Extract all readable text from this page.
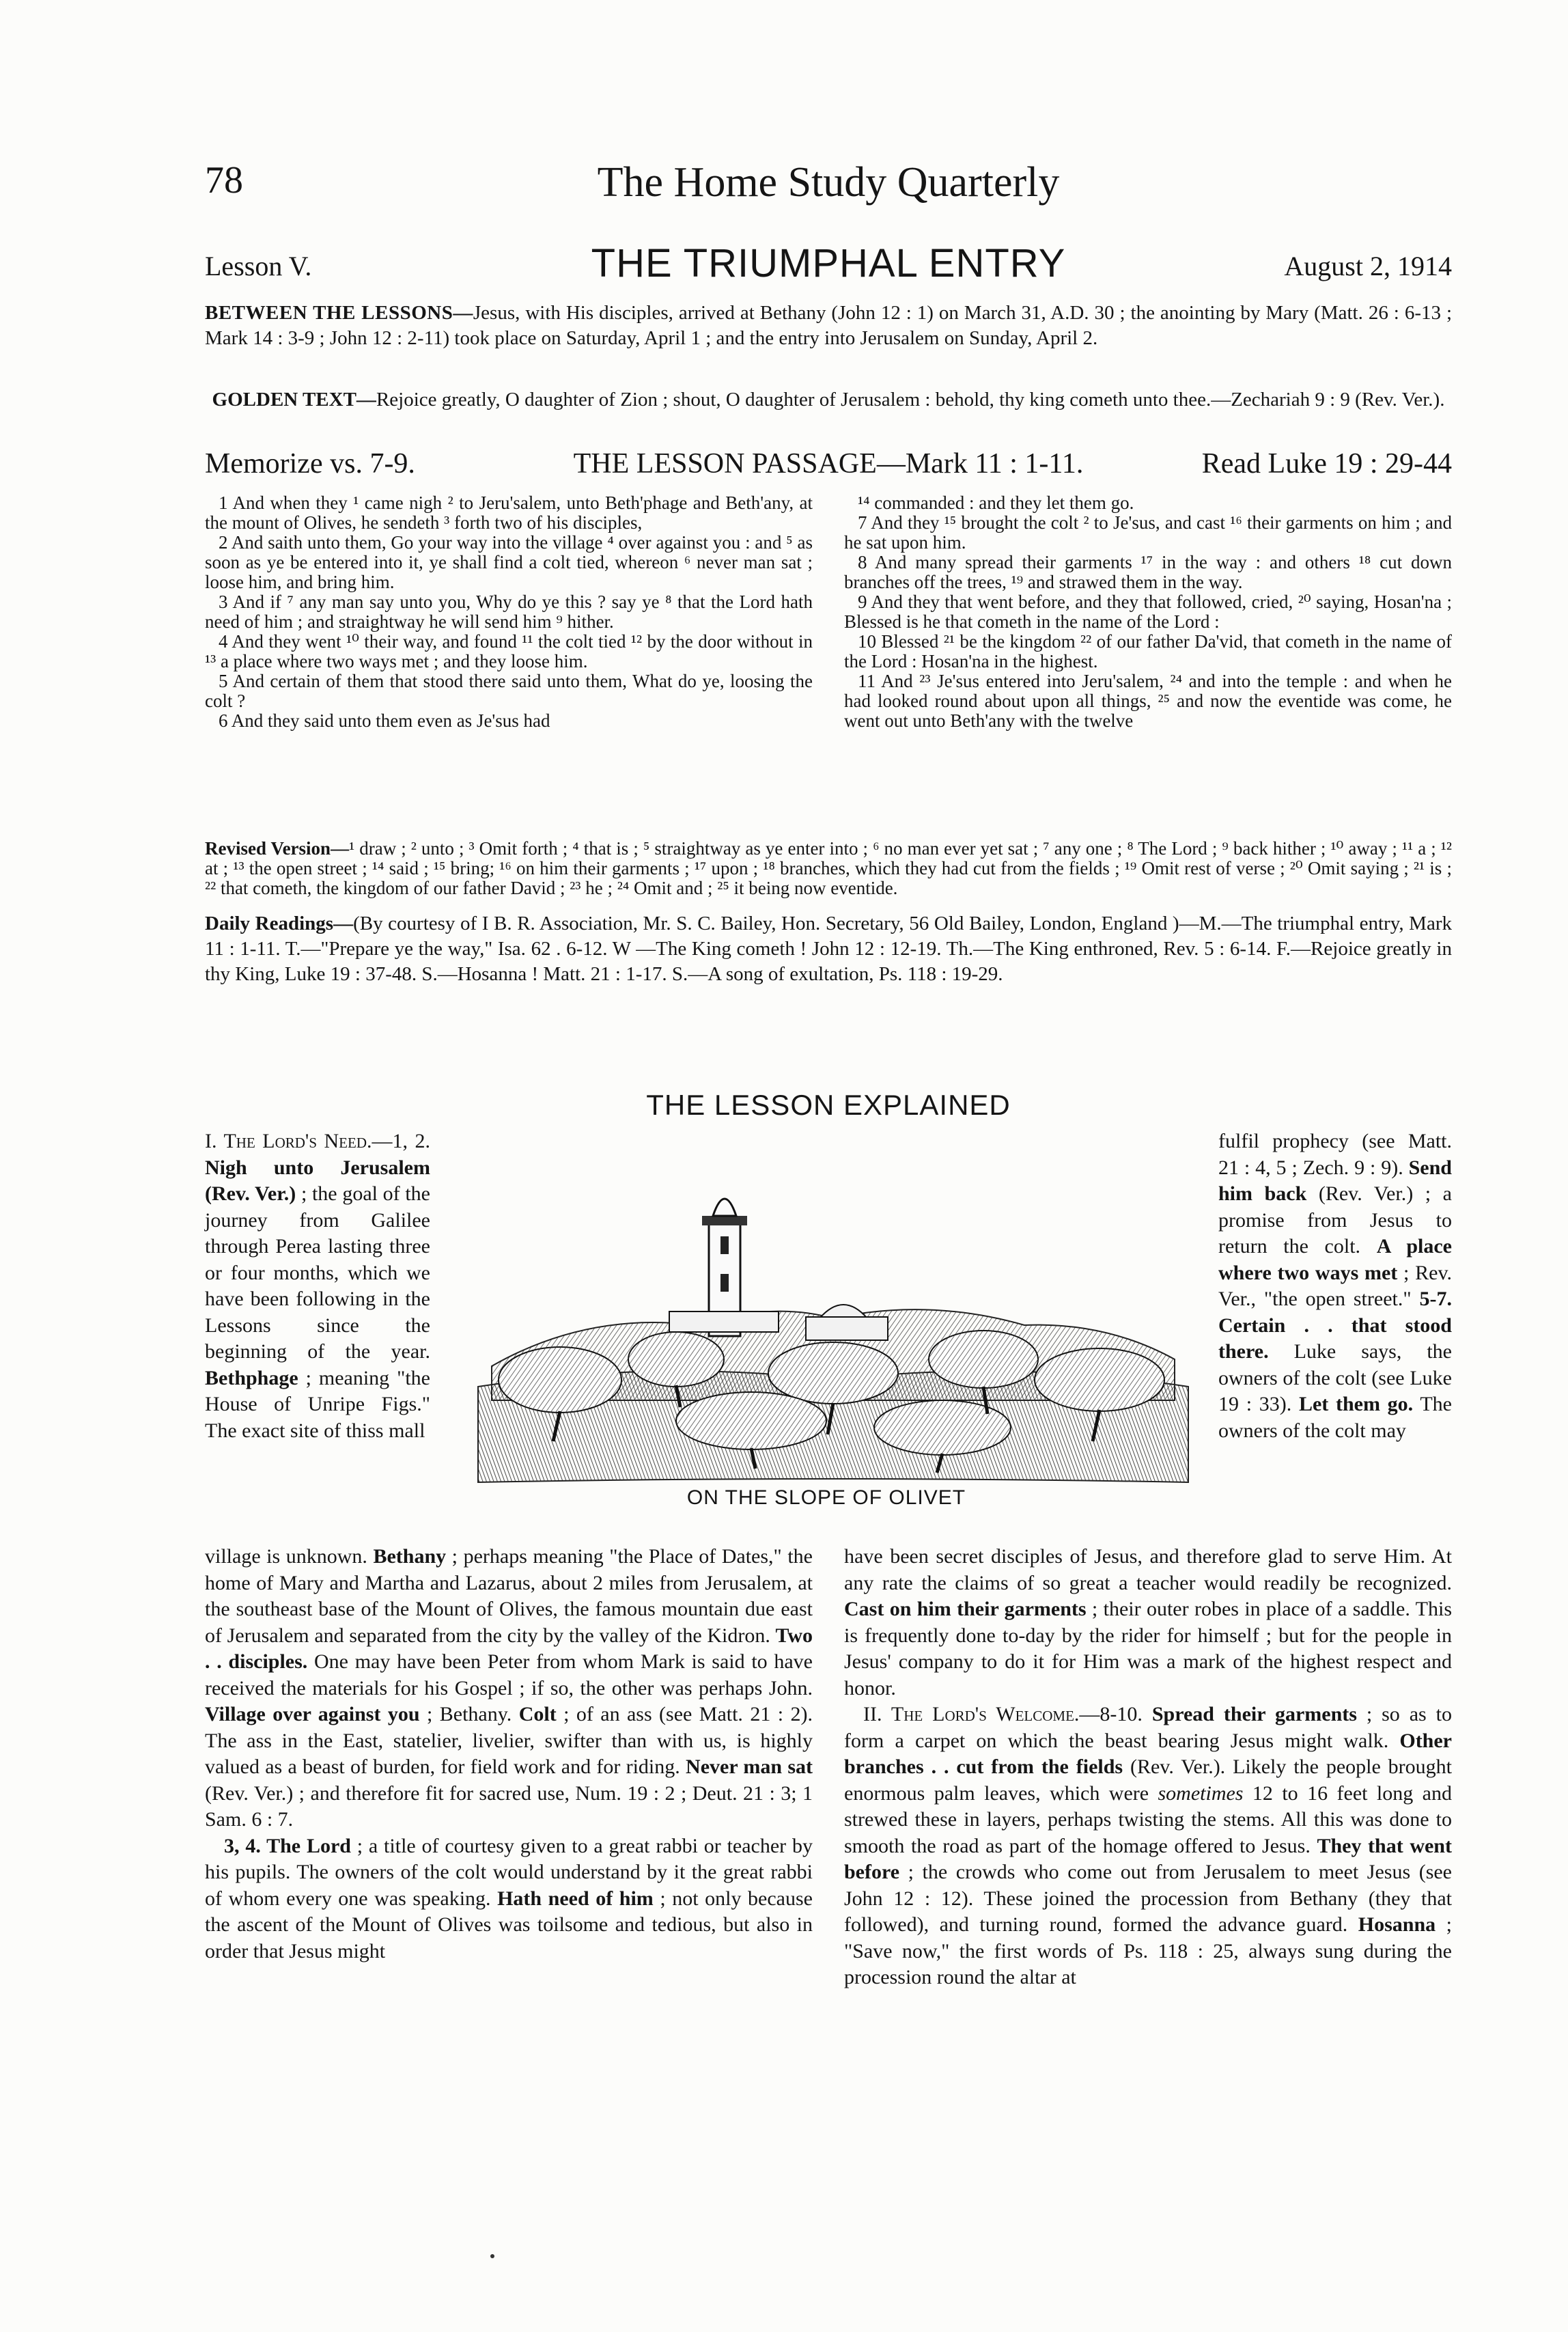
78	The Home Study Quarterly
Lesson V.	THE TRIUMPHAL ENTRY	August 2, 1914
BETWEEN THE LESSONS—Jesus, with His disciples, arrived at Bethany (John 12 : 1) on March 31, A.D. 30 ; the anointing by Mary (Matt. 26 : 6-13 ; Mark 14 : 3-9 ; John 12 : 2-11) took place on Saturday, April 1 ; and the entry into Jerusalem on Sunday, April 2.
GOLDEN TEXT—Rejoice greatly, O daughter of Zion ; shout, O daughter of Jerusalem : behold, thy king cometh unto thee.—Zechariah 9 : 9 (Rev. Ver.).
Memorize vs. 7-9.	THE LESSON PASSAGE—Mark 11 : 1-11.	Read Luke 19 : 29-44

1 And when they ¹ came nigh ² to Jeru'salem, unto Beth'phage and Beth'any, at the mount of Olives, he sendeth ³ forth two of his disciples,

2 And saith unto them, Go your way into the village ⁴ over against you : and ⁵ as soon as ye be entered into it, ye shall find a colt tied, whereon ⁶ never man sat ; loose him, and bring him.

3 And if ⁷ any man say unto you, Why do ye this ? say ye ⁸ that the Lord hath need of him ; and straightway he will send him ⁹ hither.

4 And they went ¹⁰ their way, and found ¹¹ the colt tied ¹² by the door without in ¹³ a place where two ways met ; and they loose him.

5 And certain of them that stood there said unto them, What do ye, loosing the colt ?

6 And they said unto them even as Je'sus had

¹⁴ commanded : and they let them go.

7 And they ¹⁵ brought the colt ² to Je'sus, and cast ¹⁶ their garments on him ; and he sat upon him.

8 And many spread their garments ¹⁷ in the way : and others ¹⁸ cut down branches off the trees, ¹⁹ and strawed them in the way.

9 And they that went before, and they that followed, cried, ²⁰ saying, Hosan'na ; Blessed is he that cometh in the name of the Lord :

10 Blessed ²¹ be the kingdom ²² of our father Da'vid, that cometh in the name of the Lord : Hosan'na in the highest.

11 And ²³ Je'sus entered into Jeru'salem, ²⁴ and into the temple : and when he had looked round about upon all things, ²⁵ and now the eventide was come, he went out unto Beth'any with the twelve

Revised Version—¹ draw ; ² unto ; ³ Omit forth ; ⁴ that is ; ⁵ straightway as ye enter into ; ⁶ no man ever yet sat ; ⁷ any one ; ⁸ The Lord ; ⁹ back hither ; ¹⁰ away ; ¹¹ a ; ¹² at ; ¹³ the open street ; ¹⁴ said ; ¹⁵ bring; ¹⁶ on him their garments ; ¹⁷ upon ; ¹⁸ branches, which they had cut from the fields ; ¹⁹ Omit rest of verse ; ²⁰ Omit saying ; ²¹ is ; ²² that cometh, the kingdom of our father David ; ²³ he ; ²⁴ Omit and ; ²⁵ it being now eventide.
Daily Readings—(By courtesy of I B. R. Association, Mr. S. C. Bailey, Hon. Secretary, 56 Old Bailey, London, England )—M.—The triumphal entry, Mark 11 : 1-11. T.—"Prepare ye the way," Isa. 62 . 6-12. W —The King cometh ! John 12 : 12-19. Th.—The King enthroned, Rev. 5 : 6-14. F.—Rejoice greatly in thy King, Luke 19 : 37-48. S.—Hosanna ! Matt. 21 : 1-17. S.—A song of exultation, Ps. 118 : 19-29.
THE LESSON EXPLAINED

I. The Lord's Need.—1, 2. Nigh unto Jerusalem (Rev. Ver.) ; the goal of the journey from Galilee through Perea lasting three or four months, which we have been following in the Lessons since the beginning of the year. Bethphage ; meaning "the House of Unripe Figs." The exact site of thiss mall

ON THE SLOPE OF OLIVET

fulfil prophecy (see Matt. 21 : 4, 5 ; Zech. 9 : 9). Send him back (Rev. Ver.) ; a promise from Jesus to return the colt. A place where two ways met ; Rev. Ver., "the open street." 5-7. Certain . . that stood there. Luke says, the owners of the colt (see Luke 19 : 33). Let them go. The owners of the colt may

village is unknown. Bethany ; perhaps meaning "the Place of Dates," the home of Mary and Martha and Lazarus, about 2 miles from Jerusalem, at the southeast base of the Mount of Olives, the famous mountain due east of Jerusalem and separated from the city by the valley of the Kidron. Two . . disciples. One may have been Peter from whom Mark is said to have received the materials for his Gospel ; if so, the other was perhaps John. Village over against you ; Bethany. Colt ; of an ass (see Matt. 21 : 2). The ass in the East, statelier, livelier, swifter than with us, is highly valued as a beast of burden, for field work and for riding. Never man sat (Rev. Ver.) ; and therefore fit for sacred use, Num. 19 : 2 ; Deut. 21 : 3; 1 Sam. 6 : 7.

3, 4. The Lord ; a title of courtesy given to a great rabbi or teacher by his pupils. The owners of the colt would understand by it the great rabbi of whom every one was speaking. Hath need of him ; not only because the ascent of the Mount of Olives was toilsome and tedious, but also in order that Jesus might

have been secret disciples of Jesus, and therefore glad to serve Him. At any rate the claims of so great a teacher would readily be recognized. Cast on him their garments ; their outer robes in place of a saddle. This is frequently done to-day by the rider for himself ; but for the people in Jesus' company to do it for Him was a mark of the highest respect and honor.

II. The Lord's Welcome.—8-10. Spread their garments ; so as to form a carpet on which the beast bearing Jesus might walk. Other branches . . cut from the fields (Rev. Ver.). Likely the people brought enormous palm leaves, which were sometimes 12 to 16 feet long and strewed these in layers, perhaps twisting the stems. All this was done to smooth the road as part of the homage offered to Jesus. They that went before ; the crowds who come out from Jerusalem to meet Jesus (see John 12 : 12). These joined the procession from Bethany (they that followed), and turning round, formed the advance guard. Hosanna ; "Save now," the first words of Ps. 118 : 25, always sung during the procession round the altar at
